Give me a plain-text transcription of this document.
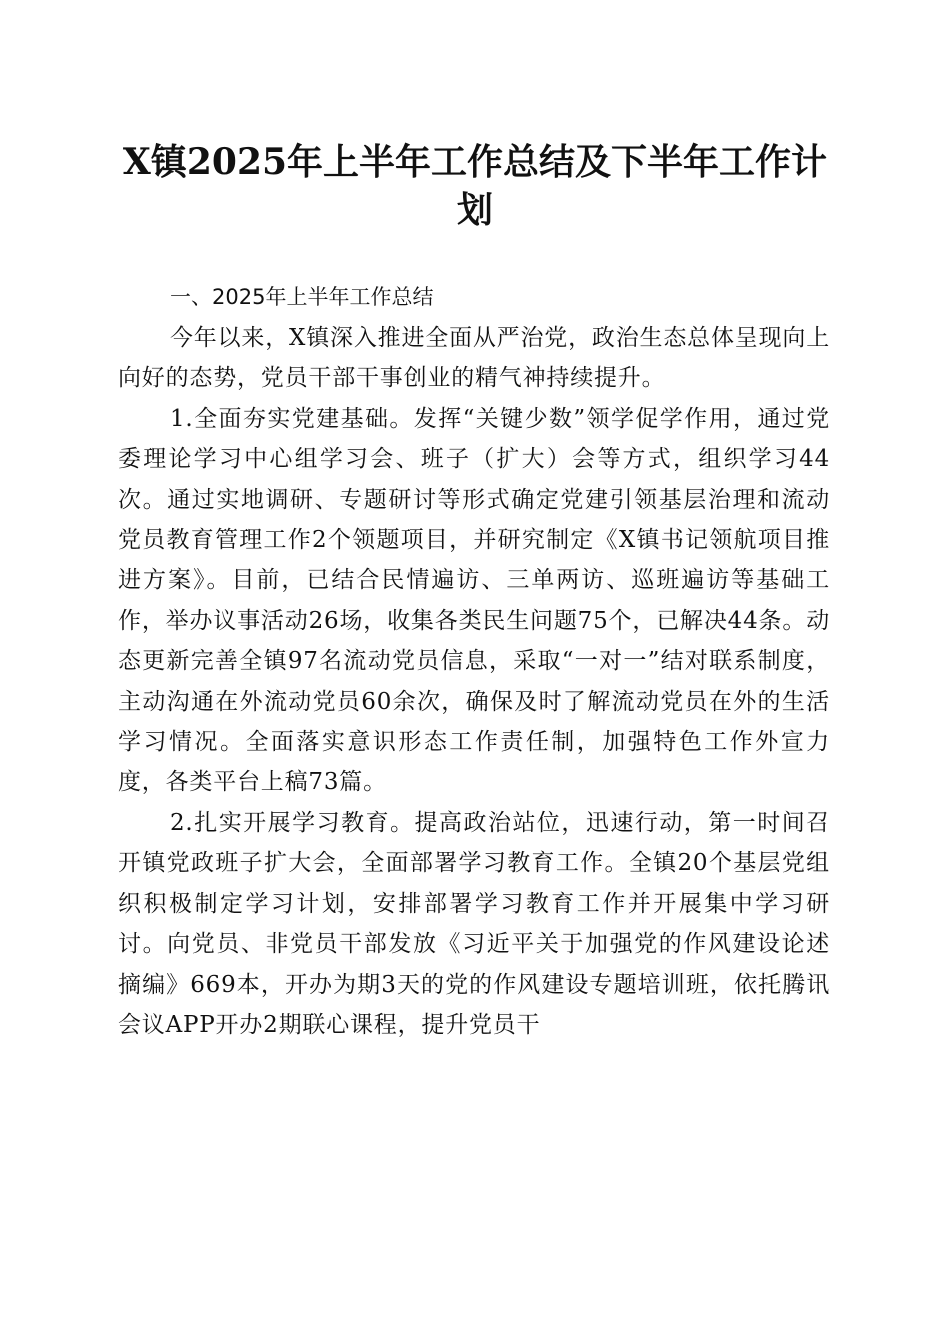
X镇2025年上半年工作总结及下半年工作计划
一、2025年上半年工作总结

今年以来，X镇深入推进全面从严治党，政治生态总体呈现向上向好的态势，党员干部干事创业的精气神持续提升。

1.全面夯实党建基础。发挥“关键少数”领学促学作用，通过党委理论学习中心组学习会、班子（扩大）会等方式，组织学习44次。通过实地调研、专题研讨等形式确定党建引领基层治理和流动党员教育管理工作2个领题项目，并研究制定《X镇书记领航项目推进方案》。目前，已结合民情遍访、三单两访、巡班遍访等基础工作，举办议事活动26场，收集各类民生问题75个，已解决44条。动态更新完善全镇97名流动党员信息，采取“一对一”结对联系制度，主动沟通在外流动党员60余次，确保及时了解流动党员在外的生活学习情况。全面落实意识形态工作责任制，加强特色工作外宣力度，各类平台上稿73篇。

2.扎实开展学习教育。提高政治站位，迅速行动，第一时间召开镇党政班子扩大会，全面部署学习教育工作。全镇20个基层党组织积极制定学习计划，安排部署学习教育工作并开展集中学习研讨。向党员、非党员干部发放《习近平关于加强党的作风建设论述摘编》669本，开办为期3天的党的作风建设专题培训班，依托腾讯会议APP开办2期联心课程，提升党员干
